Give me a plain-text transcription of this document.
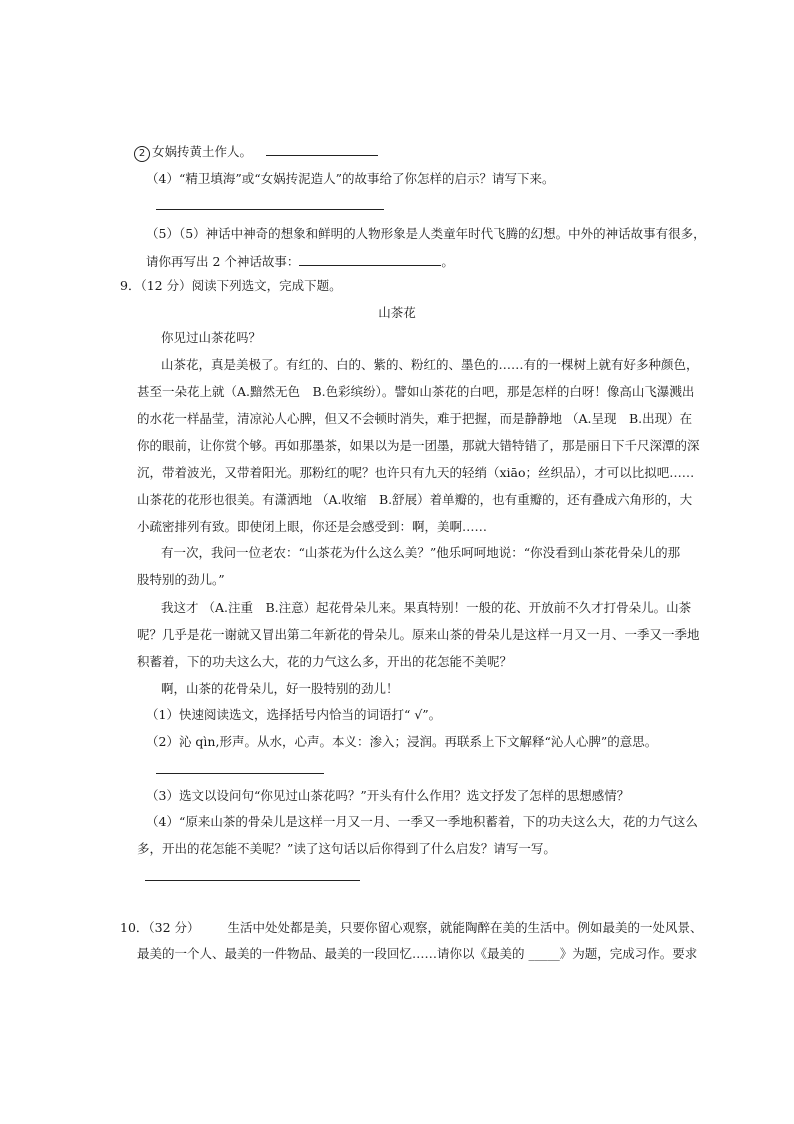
2 女娲抟黄土作人。
（4）“精卫填海”或“女娲抟泥造人”的故事给了你怎样的启示？请写下来。
（5）（5）神话中神奇的想象和鲜明的人物形象是人类童年时代飞腾的幻想。中外的神话故事有很多，
请你再写出 2 个神话故事：	。
9．（12 分）阅读下列选文，完成下题。
山茶花
你见过山茶花吗？
山茶花，真是美极了。有红的、白的、紫的、粉红的、墨色的……有的一棵树上就有好多种颜色，
甚至一朵花上就（A.黯然无色　B.色彩缤纷）。譬如山茶花的白吧，那是怎样的白呀！像高山飞瀑溅出
的水花一样晶莹，清凉沁人心脾，但又不会顿时消失，难于把握，而是静静地 （A.呈现　B.出现）在
你的眼前，让你赏个够。再如那墨茶，如果以为是一团墨，那就大错特错了，那是丽日下千尺深潭的深
沉，带着波光，又带着阳光。那粉红的呢？也许只有九天的轻绡（xiāo；丝织品），才可以比拟吧……
山茶花的花形也很美。有潇洒地 （A.收缩　B.舒展）着单瓣的，也有重瓣的，还有叠成六角形的，大
小疏密排列有致。即使闭上眼，你还是会感受到：啊，美啊……
有一次，我问一位老农：“山茶花为什么这么美？”他乐呵呵地说：“你没看到山茶花骨朵儿的那
股特别的劲儿。”
我这才 （A.注重　B.注意）起花骨朵儿来。果真特别！一般的花、开放前不久才打骨朵儿。山茶
呢？几乎是花一谢就又冒出第二年新花的骨朵儿。原来山茶的骨朵儿是这样一月又一月、一季又一季地
积蓄着，下的功夫这么大，花的力气这么多，开出的花怎能不美呢？
啊，山茶的花骨朵儿，好一股特别的劲儿！
（1）快速阅读选文，选择括号内恰当的词语打“ √”。
（2）沁 qìn,形声。从水，心声。本义：渗入；浸润。再联系上下文解释“沁人心脾”的意思。
（3）选文以设问句“你见过山茶花吗？”开头有什么作用？选文抒发了怎样的思想感情？
（4）“原来山茶的骨朵儿是这样一月又一月、一季又一季地积蓄着，下的功夫这么大，花的力气这么
多，开出的花怎能不美呢？”读了这句话以后你得到了什么启发？请写一写。
10．（32 分） 生活中处处都是美，只要你留心观察，就能陶醉在美的生活中。例如最美的一处风景、
最美的一个人、最美的一件物品、最美的一段回忆……请你以《最美的 _____》为题，完成习作。要求
